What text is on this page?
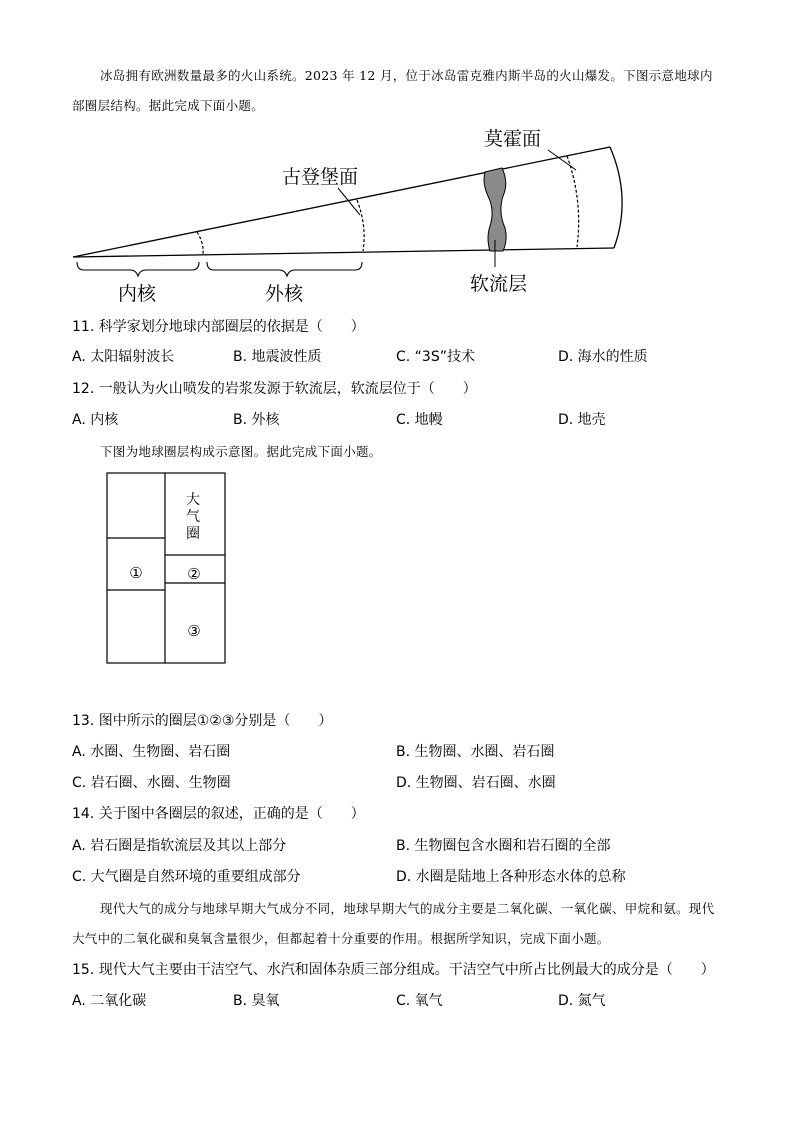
冰岛拥有欧洲数量最多的火山系统。2023 年 12 月，位于冰岛雷克雅内斯半岛的火山爆发。下图示意地球内部圈层结构。据此完成下面小题。
莫霍面
古登堡面
软流层
内核	外核
11. 科学家划分地球内部圈层的依据是（　　）
A. 太阳辐射波长	B. 地震波性质	C. “3S”技术	D. 海水的性质
12. 一般认为火山喷发的岩浆发源于软流层，软流层位于（　　）
A. 内核	B. 外核	C. 地幔	D. 地壳
下图为地球圈层构成示意图。据此完成下面小题。
大
气
圈
①	②
③
13. 图中所示的圈层①②③分别是（　　）
A. 水圈、生物圈、岩石圈	B. 生物圈、水圈、岩石圈
C. 岩石圈、水圈、生物圈	D. 生物圈、岩石圈、水圈
14. 关于图中各圈层的叙述，正确的是（　　）
A. 岩石圈是指软流层及其以上部分	B. 生物圈包含水圈和岩石圈的全部
C. 大气圈是自然环境的重要组成部分	D. 水圈是陆地上各种形态水体的总称
现代大气的成分与地球早期大气成分不同，地球早期大气的成分主要是二氧化碳、一氧化碳、甲烷和氨。现代大气中的二氧化碳和臭氧含量很少，但都起着十分重要的作用。根据所学知识，完成下面小题。
15. 现代大气主要由干洁空气、水汽和固体杂质三部分组成。干洁空气中所占比例最大的成分是（　　）
A. 二氧化碳	B. 臭氧	C. 氧气	D. 氮气
